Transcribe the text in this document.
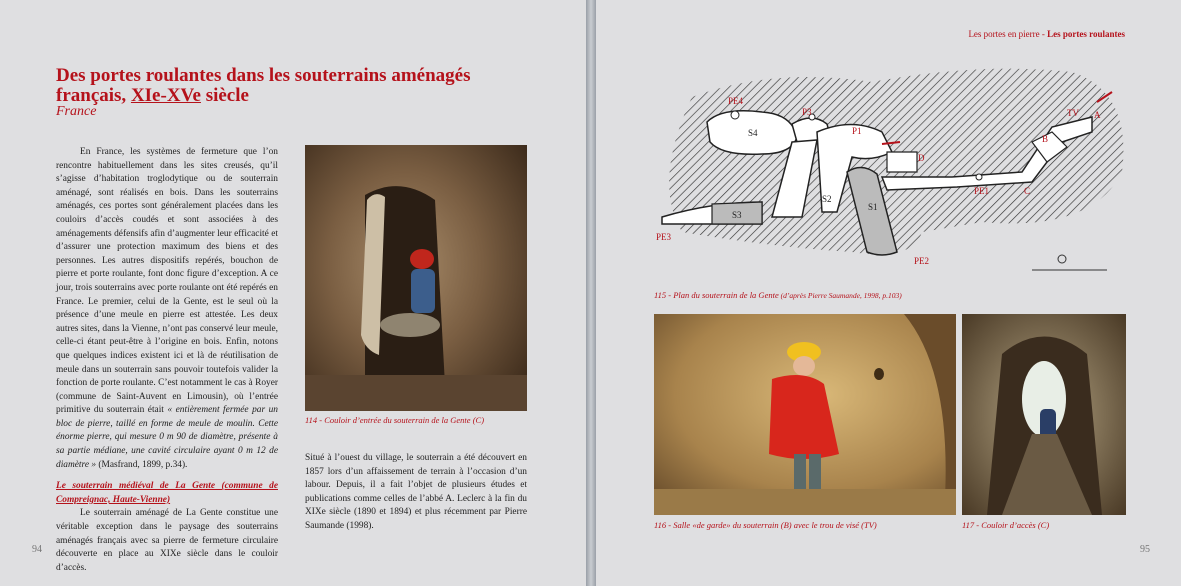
Des portes roulantes dans les souterrains aménagés
français, XIe-XVe siècle
France

En France, les systèmes de fermeture que l’on rencontre habituellement dans les sites creusés, qu’il s’agisse d’habitation troglodytique ou de souterrain aménagé, sont réalisés en bois. Dans les souterrains aménagés, ces portes sont généralement placées dans les couloirs d’accès coudés et sont associées à des aménagements défensifs afin d’augmenter leur efficacité et d’assurer une protection maximum des biens et des personnes. Les autres dispositifs repérés, bouchon de pierre et porte roulante, font donc figure d’exception. A ce jour, trois souterrains avec porte roulante ont été repérés en France. Le premier, celui de la Gente, est le seul où la présence d’une meule en pierre est attestée. Les deux autres sites, dans la Vienne, n’ont pas conservé leur meule, celle-ci étant peut-être à l’origine en bois. Enfin, notons que quelques indices existent ici et là de réutilisation de meule dans un souterrain sans pouvoir toutefois valider la fonction de porte roulante. C’est notamment le cas à Royer (commune de Saint-Auvent en Limousin), où l’entrée primitive du souterrain était « entièrement fermée par un bloc de pierre, taillé en forme de meule de moulin. Cette énorme pierre, qui mesure 0 m 90 de diamètre, présente à sa partie médiane, une cavité circulaire ayant 0 m 12 de diamètre » (Masfrand, 1899, p.34).

Le souterrain médiéval de La Gente (commune de Compreignac, Haute-Vienne)

Le souterrain aménagé de La Gente constitue une véritable exception dans le paysage des souterrains aménagés français avec sa pierre de fermeture circulaire découverte en place au XIXe siècle dans le couloir d’accès.

114 - Couloir d’entrée du souterrain de la Gente (C)

Situé à l’ouest du village, le souterrain a été découvert en 1857 lors d’un affaissement de terrain à l’occasion d’un labour. Depuis, il a fait l’objet de plusieurs études et publications comme celles de l’abbé A. Leclerc à la fin du XIXe siècle (1890 et 1894) et plus récemment par Pierre Saumande (1998).

94
Les portes en pierre - Les portes roulantes
PE4
S4
P3
P1
D
TV A
B
C
PE1
S2
S1
S3
PE3
PE2
115 - Plan du souterrain de la Gente (d’après Pierre Saumande, 1998, p.103)
116 - Salle «de garde» du souterrain (B) avec le trou de visé (TV)	117 - Couloir d’accès (C)
95
